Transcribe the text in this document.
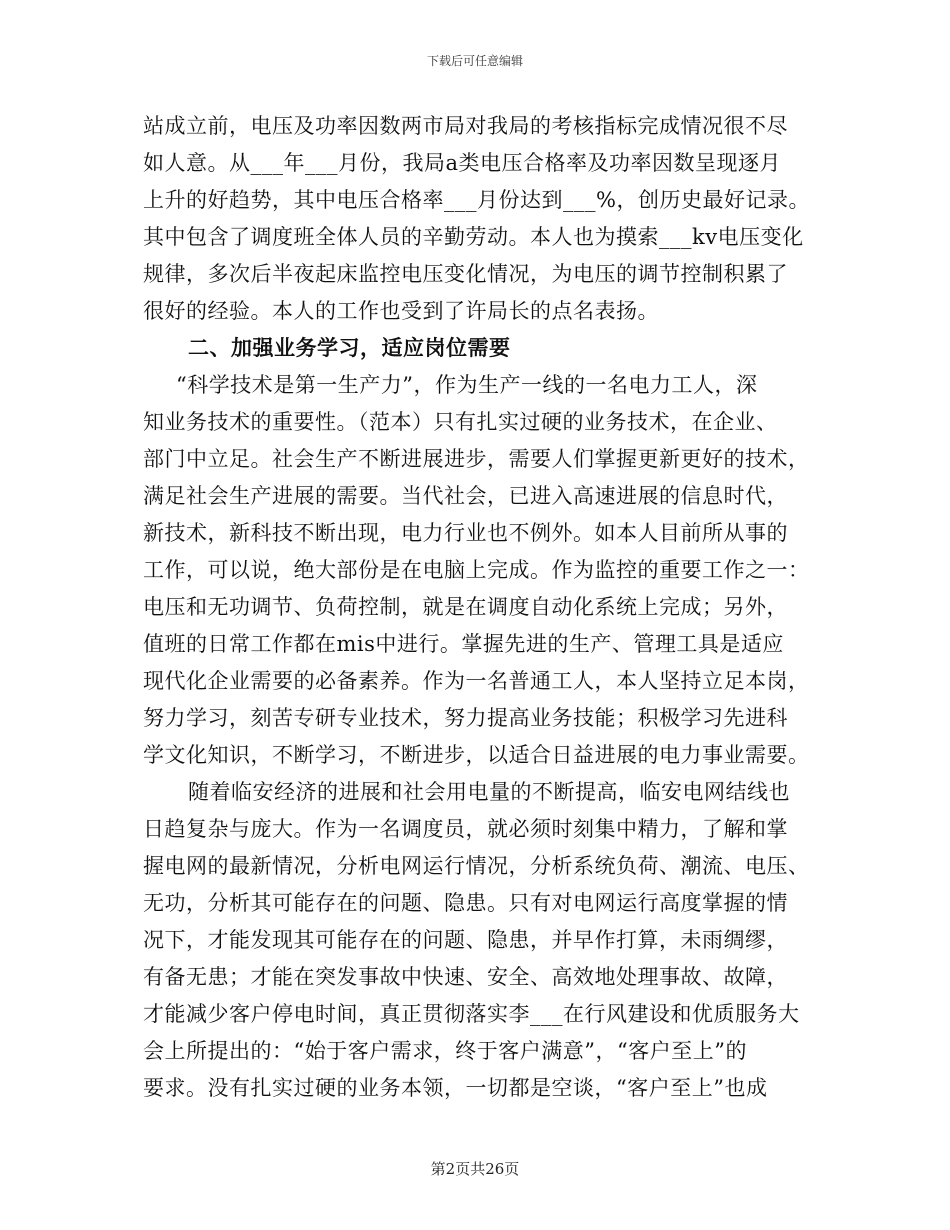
下载后可任意编辑
站成立前，电压及功率因数两市局对我局的考核指标完成情况很不尽
如人意。从___年___月份，我局a类电压合格率及功率因数呈现逐月
上升的好趋势，其中电压合格率___月份达到___%，创历史最好记录。
其中包含了调度班全体人员的辛勤劳动。本人也为摸索___kv电压变化
规律，多次后半夜起床监控电压变化情况，为电压的调节控制积累了
很好的经验。本人的工作也受到了许局长的点名表扬。
二、加强业务学习，适应岗位需要
“科学技术是第一生产力”，作为生产一线的一名电力工人，深
知业务技术的重要性。（范本）只有扎实过硬的业务技术，在企业、
部门中立足。社会生产不断进展进步，需要人们掌握更新更好的技术，
满足社会生产进展的需要。当代社会，已进入高速进展的信息时代，
新技术，新科技不断出现，电力行业也不例外。如本人目前所从事的
工作，可以说，绝大部份是在电脑上完成。作为监控的重要工作之一：
电压和无功调节、负荷控制，就是在调度自动化系统上完成；另外，
值班的日常工作都在mis中进行。掌握先进的生产、管理工具是适应
现代化企业需要的必备素养。作为一名普通工人，本人坚持立足本岗，
努力学习，刻苦专研专业技术，努力提高业务技能；积极学习先进科
学文化知识，不断学习，不断进步，以适合日益进展的电力事业需要。
随着临安经济的进展和社会用电量的不断提高，临安电网结线也
日趋复杂与庞大。作为一名调度员，就必须时刻集中精力，了解和掌
握电网的最新情况，分析电网运行情况，分析系统负荷、潮流、电压、
无功，分析其可能存在的问题、隐患。只有对电网运行高度掌握的情
况下，才能发现其可能存在的问题、隐患，并早作打算，未雨绸缪，
有备无患；才能在突发事故中快速、安全、高效地处理事故、故障，
才能减少客户停电时间，真正贯彻落实李___在行风建设和优质服务大
会上所提出的：“始于客户需求，终于客户满意”，“客户至上”的
要求。没有扎实过硬的业务本领，一切都是空谈，“客户至上”也成
第2页共26页
